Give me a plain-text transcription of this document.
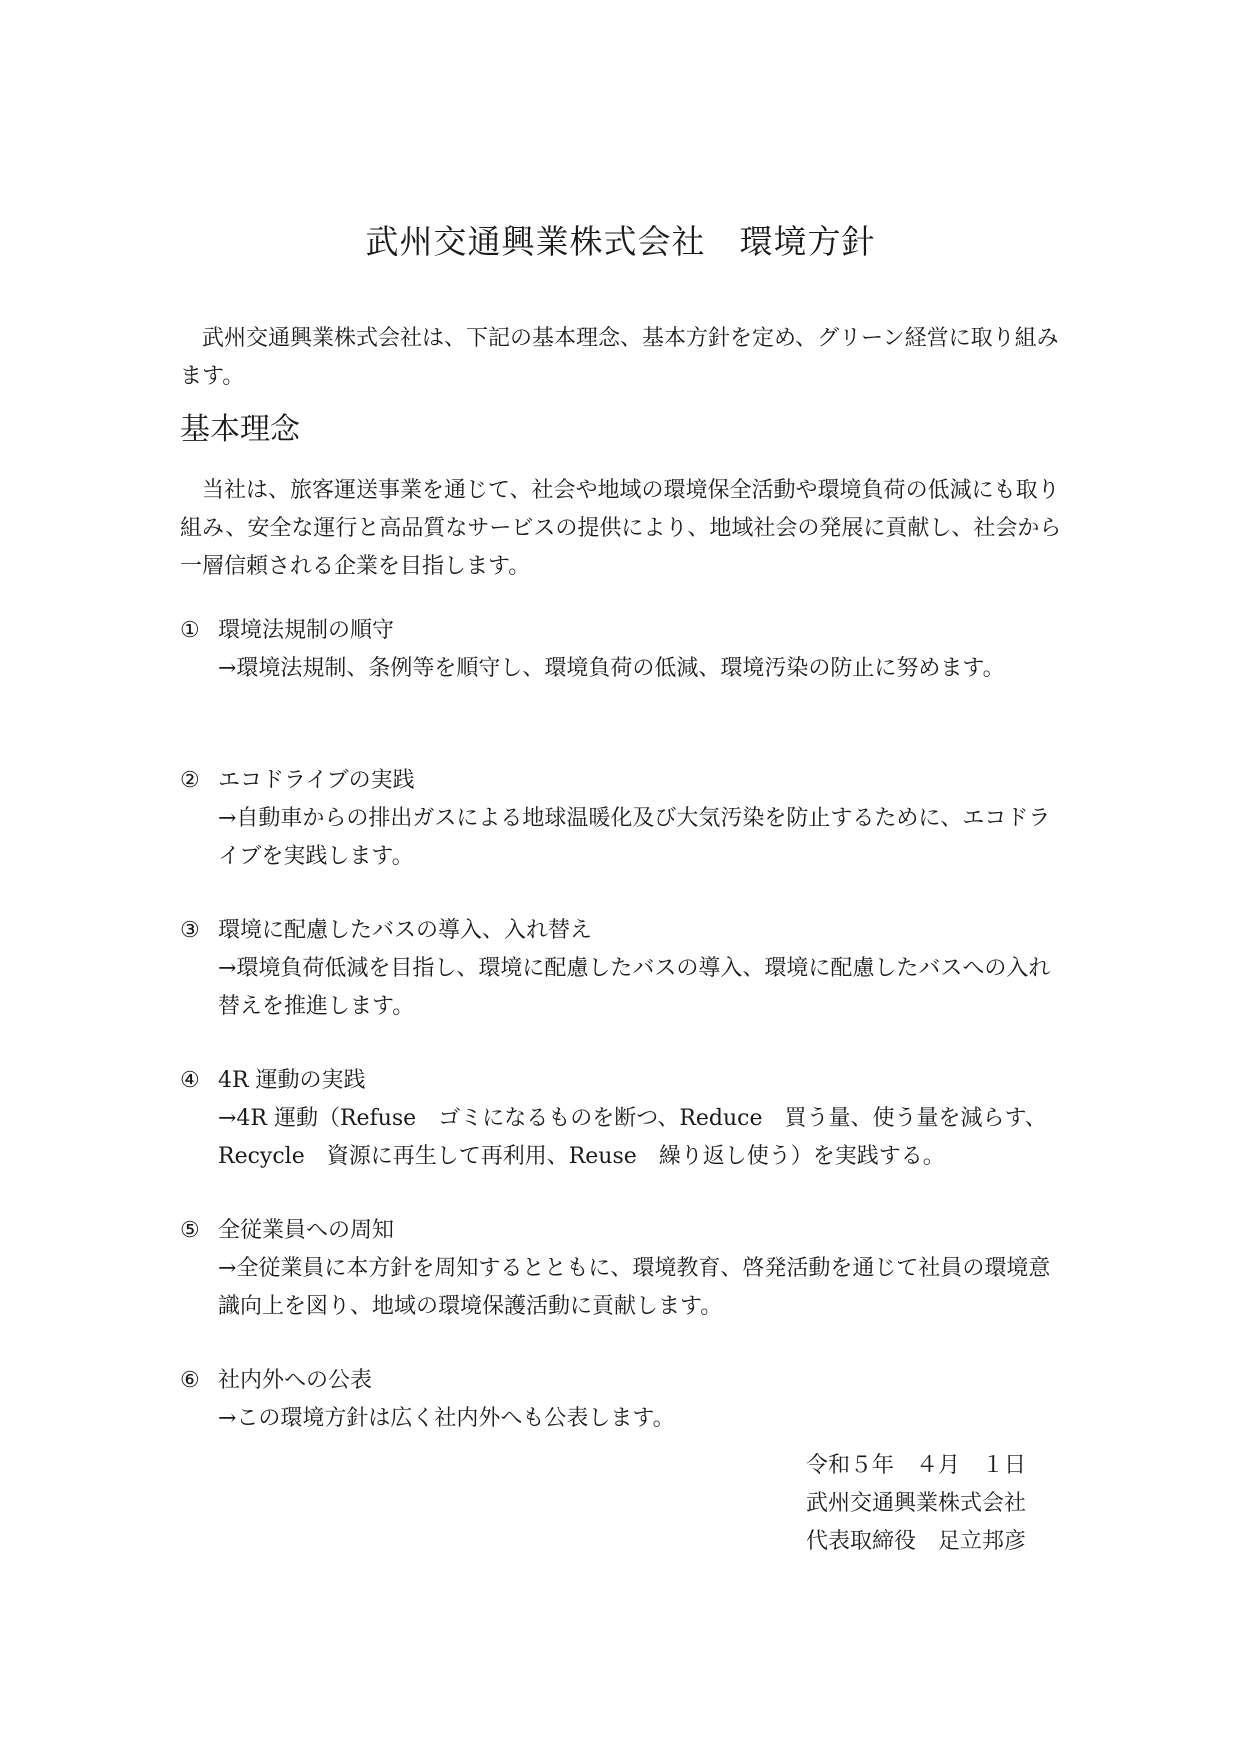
武州交通興業株式会社　環境方針

武州交通興業株式会社は、下記の基本理念、基本方針を定め、グリーン経営に取り組みます。

基本理念

当社は、旅客運送事業を通じて、社会や地域の環境保全活動や環境負荷の低減にも取り組み、安全な運行と高品質なサービスの提供により、地域社会の発展に貢献し、社会から一層信頼される企業を目指します。

① 環境法規制の順守

→環境法規制、条例等を順守し、環境負荷の低減、環境汚染の防止に努めます。

② エコドライブの実践

→自動車からの排出ガスによる地球温暖化及び大気汚染を防止するために、エコドライブを実践します。

③ 環境に配慮したバスの導入、入れ替え

→環境負荷低減を目指し、環境に配慮したバスの導入、環境に配慮したバスへの入れ替えを推進します。

④ 4R 運動の実践

→4R 運動（Refuse　ゴミになるものを断つ、Reduce　買う量、使う量を減らす、Recycle　資源に再生して再利用、Reuse　繰り返し使う）を実践する。

⑤ 全従業員への周知

→全従業員に本方針を周知するとともに、環境教育、啓発活動を通じて社員の環境意識向上を図り、地域の環境保護活動に貢献します。

⑥ 社内外への公表

→この環境方針は広く社内外へも公表します。

令和５年　４月　１日
武州交通興業株式会社
代表取締役　足立邦彦
